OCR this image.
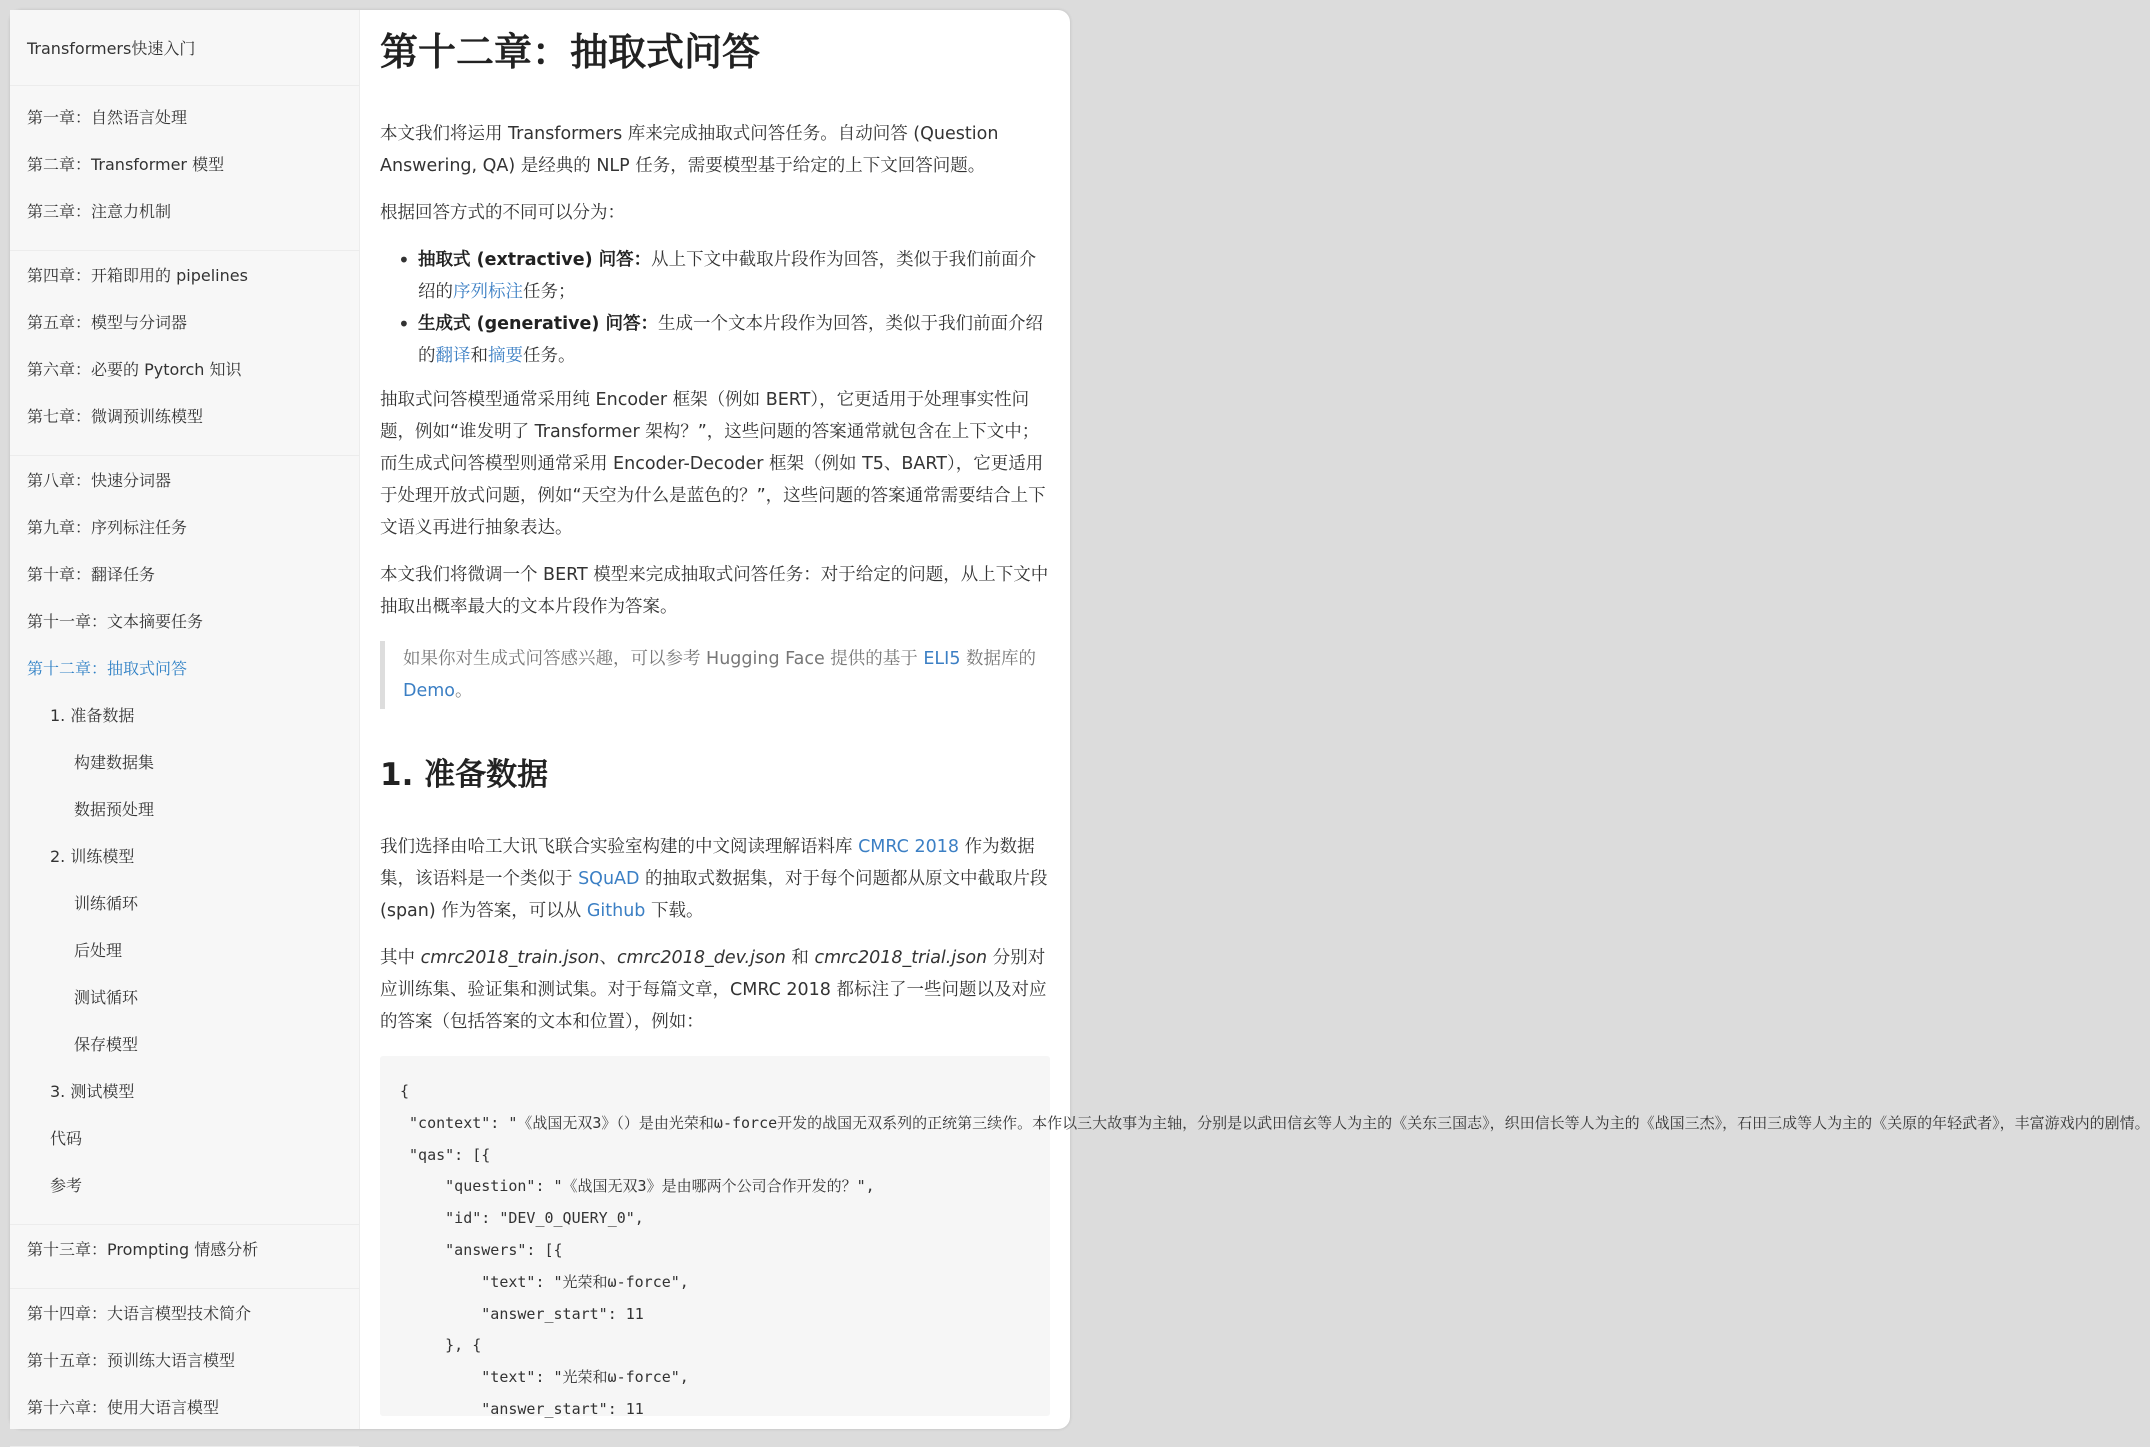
Transformers快速入门
第一章：自然语言处理
第二章：Transformer 模型
第三章：注意力机制
第四章：开箱即用的 pipelines
第五章：模型与分词器
第六章：必要的 Pytorch 知识
第七章：微调预训练模型
第八章：快速分词器
第九章：序列标注任务
第十章：翻译任务
第十一章：文本摘要任务
第十二章：抽取式问答
1. 准备数据
构建数据集
数据预处理
2. 训练模型
训练循环
后处理
测试循环
保存模型
3. 测试模型
代码
参考
第十三章：Prompting 情感分析
第十四章：大语言模型技术简介
第十五章：预训练大语言模型
第十六章：使用大语言模型
第十二章：抽取式问答

本文我们将运用 Transformers 库来完成抽取式问答任务。自动问答 (Question Answering, QA) 是经典的 NLP 任务，需要模型基于给定的上下文回答问题。

根据回答方式的不同可以分为：

• 抽取式 (extractive) 问答：从上下文中截取片段作为回答，类似于我们前面介绍的序列标注任务；
• 生成式 (generative) 问答：生成一个文本片段作为回答，类似于我们前面介绍的翻译和摘要任务。

抽取式问答模型通常采用纯 Encoder 框架（例如 BERT），它更适用于处理事实性问题，例如“谁发明了 Transformer 架构？”，这些问题的答案通常就包含在上下文中；而生成式问答模型则通常采用 Encoder-Decoder 框架（例如 T5、BART），它更适用于处理开放式问题，例如“天空为什么是蓝色的？”，这些问题的答案通常需要结合上下文语义再进行抽象表达。

本文我们将微调一个 BERT 模型来完成抽取式问答任务：对于给定的问题，从上下文中抽取出概率最大的文本片段作为答案。

如果你对生成式问答感兴趣，可以参考 Hugging Face 提供的基于 ELI5 数据库的 Demo。
1. 准备数据

我们选择由哈工大讯飞联合实验室构建的中文阅读理解语料库 CMRC 2018 作为数据集，该语料是一个类似于 SQuAD 的抽取式数据集，对于每个问题都从原文中截取片段 (span) 作为答案，可以从 Github 下载。

其中 cmrc2018_train.json、cmrc2018_dev.json 和 cmrc2018_trial.json 分别对应训练集、验证集和测试集。对于每篇文章，CMRC 2018 都标注了一些问题以及对应的答案（包括答案的文本和位置），例如：

{
"context": "《战国无双3》（）是由光荣和ω-force开发的战国无双系列的正统第三续作。本作以三大故事为主轴，分别是以武田信玄等人为主的《关东三国志》，织田信长等人为主的《战国三杰》，石田三成等人为主的《关原的年轻武者》，丰富游戏内的剧情。
"qas": [{
"question": "《战国无双3》是由哪两个公司合作开发的？",
"id": "DEV_0_QUERY_0",
"answers": [{
"text": "光荣和ω-force",
"answer_start": 11
}, {
"text": "光荣和ω-force",
"answer_start": 11
